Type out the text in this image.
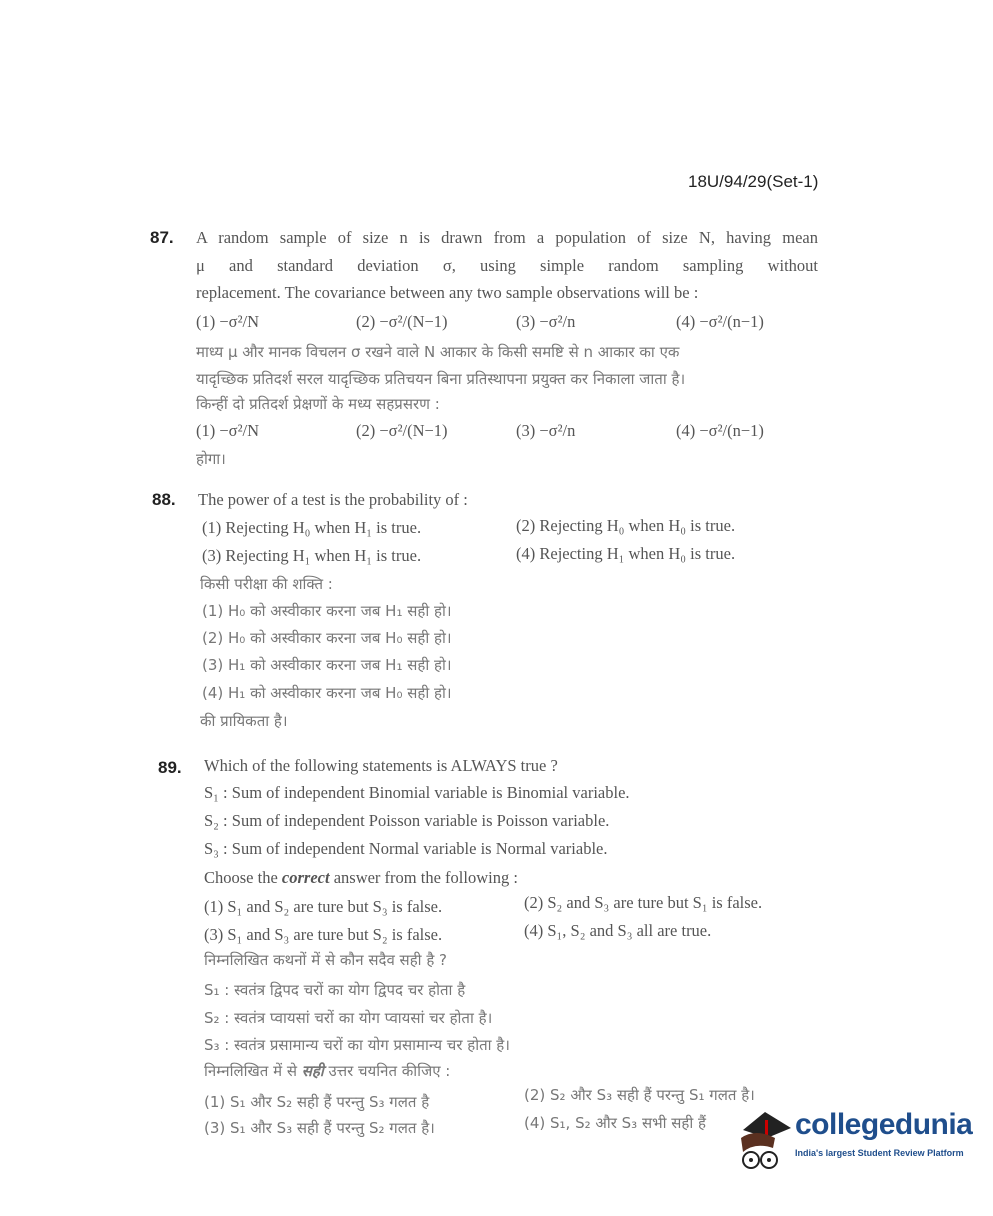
18U/94/29(Set-1)
87. A random sample of size n is drawn from a population of size N, having mean
μ and standard deviation σ, using simple random sampling without
replacement. The covariance between any two sample observations will be :
(1) −σ²/N	(2) −σ²/(N−1)	(3) −σ²/n	(4) −σ²/(n−1)
माध्य μ और मानक विचलन σ रखने वाले N आकार के किसी समष्टि से n आकार का एक
यादृच्छिक प्रतिदर्श सरल यादृच्छिक प्रतिचयन बिना प्रतिस्थापना प्रयुक्त कर निकाला जाता है।
किन्हीं दो प्रतिदर्श प्रेक्षणों के मध्य सहप्रसरण :
(1) −σ²/N	(2) −σ²/(N−1)	(3) −σ²/n	(4) −σ²/(n−1)
होगा।
88. The power of a test is the probability of :
(1) Rejecting H₀ when H₁ is true.	(2) Rejecting H₀ when H₀ is true.
(3) Rejecting H₁ when H₁ is true.	(4) Rejecting H₁ when H₀ is true.
किसी परीक्षा की शक्ति :
(1) H₀ को अस्वीकार करना जब H₁ सही हो।
(2) H₀ को अस्वीकार करना जब H₀ सही हो।
(3) H₁ को अस्वीकार करना जब H₁ सही हो।
(4) H₁ को अस्वीकार करना जब H₀ सही हो।
की प्रायिकता है।
89. Which of the following statements is ALWAYS true ?
S₁ : Sum of independent Binomial variable is Binomial variable.
S₂ : Sum of independent Poisson variable is Poisson variable.
S₃ : Sum of independent Normal variable is Normal variable.
Choose the correct answer from the following :
(1) S₁ and S₂ are ture but S₃ is false.	(2) S₂ and S₃ are ture but S₁ is false.
(3) S₁ and S₃ are ture but S₂ is false.	(4) S₁, S₂ and S₃ all are true.
निम्नलिखित कथनों में से कौन सदैव सही है ?
S₁ : स्वतंत्र द्विपद चरों का योग द्विपद चर होता है
S₂ : स्वतंत्र प्वायसां चरों का योग प्वायसां चर होता है।
S₃ : स्वतंत्र प्रसामान्य चरों का योग प्रसामान्य चर होता है।
निम्नलिखित में से सही उत्तर चयनित कीजिए :
(1) S₁ और S₂ सही हैं परन्तु S₃ गलत है	(2) S₂ और S₃ सही हैं परन्तु S₁ गलत है।
(3) S₁ और S₃ सही हैं परन्तु S₂ गलत है।	(4) S₁, S₂ और S₃ सभी सही हैं	collegedunia
India's largest Student Review Platform
